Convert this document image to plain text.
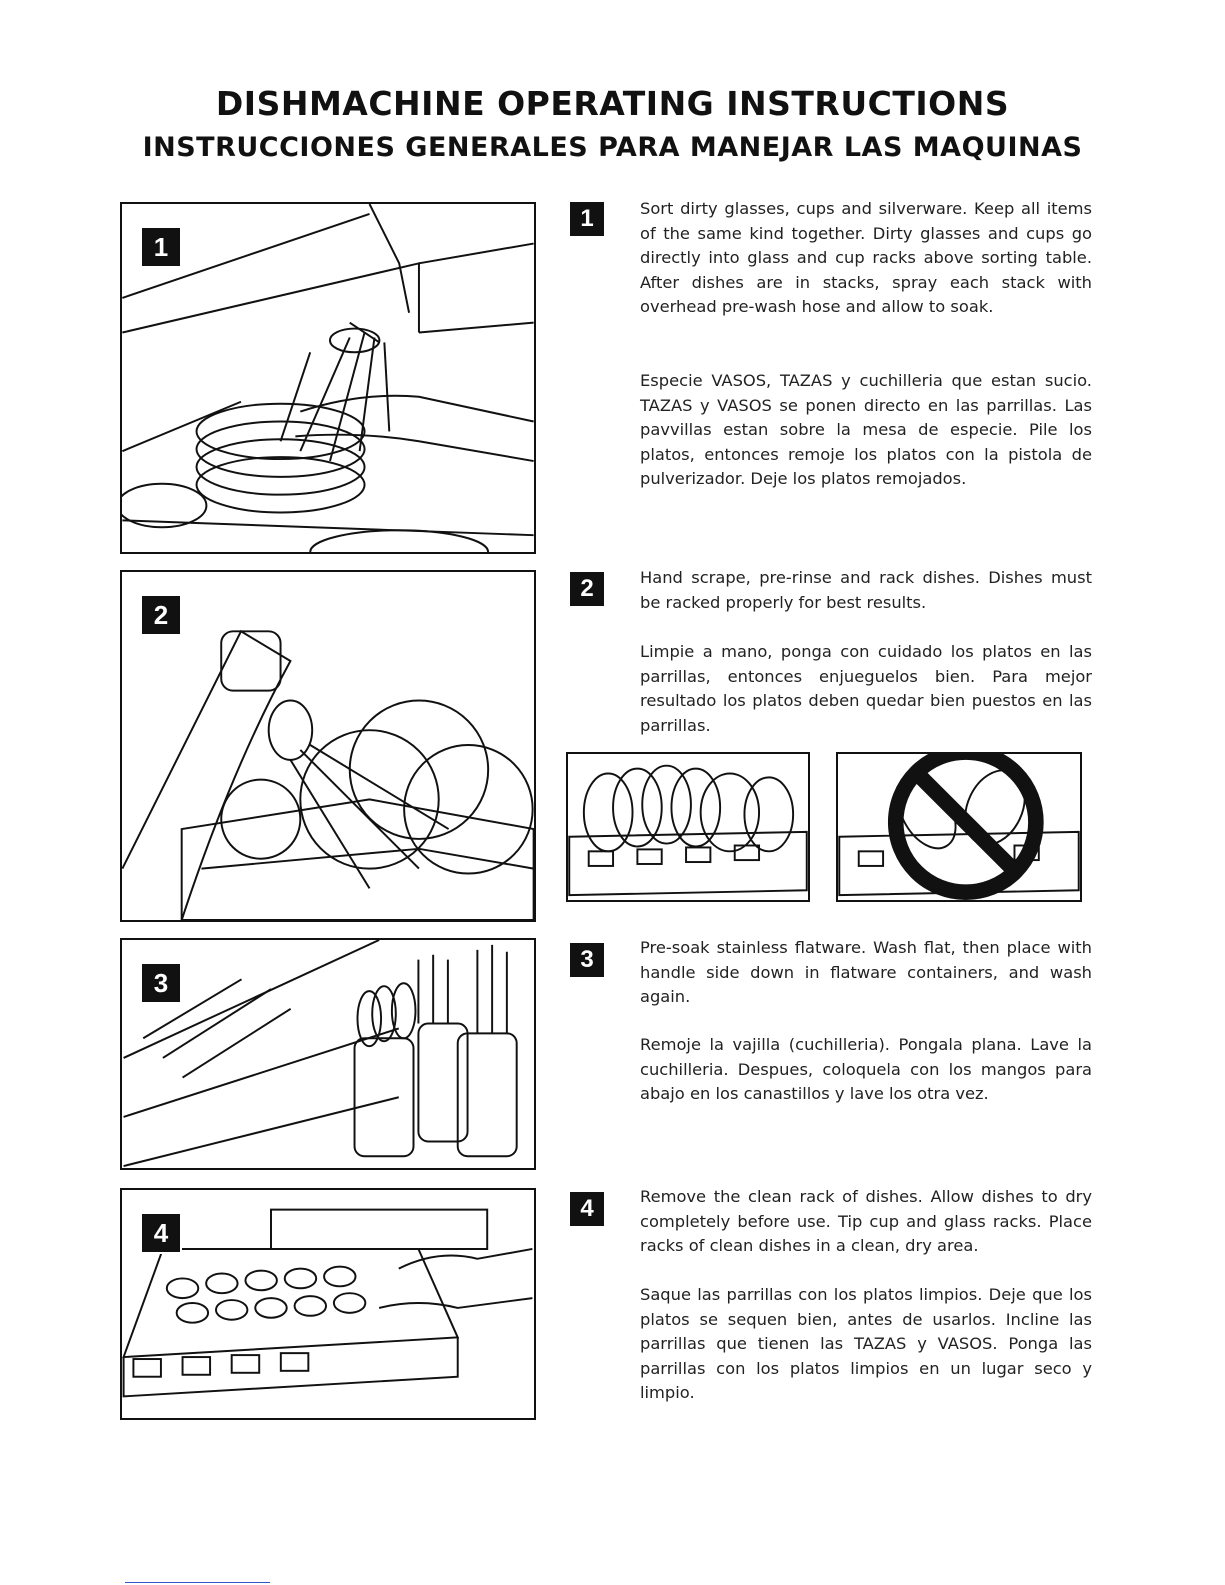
DISHMACHINE OPERATING INSTRUCTIONS
INSTRUCCIONES GENERALES PARA MANEJAR LAS MAQUINAS
1
2
3
4
1	Sort dirty glasses, cups and silverware. Keep all items of the same kind together. Dirty glasses and cups go directly into glass and cup racks above sorting table. After dishes are in stacks, spray each stack with overhead pre-wash hose and allow to soak.

Especie VASOS, TAZAS y cuchilleria que estan sucio. TAZAS y VASOS se ponen directo en las parrillas. Las pavvillas estan sobre la mesa de especie. Pile los platos, entonces remoje los platos con la pistola de pulverizador. Deje los platos remojados.

2	Hand scrape, pre-rinse and rack dishes. Dishes must be racked properly for best results.

Limpie a mano, ponga con cuidado los platos en las parrillas, entonces enjueguelos bien. Para mejor resultado los platos deben quedar bien puestos en las parrillas.

3	Pre-soak stainless flatware. Wash flat, then place with handle side down in flatware containers, and wash again.

Remoje la vajilla (cuchilleria). Pongala plana. Lave la cuchilleria. Despues, coloquela con los mangos para abajo en los canastillos y lave los otra vez.

4	Remove the clean rack of dishes. Allow dishes to dry completely before use. Tip cup and glass racks. Place racks of clean dishes in a clean, dry area.

Saque las parrillas con los platos limpios. Deje que los platos se sequen bien, antes de usarlos. Incline las parrillas que tienen las TAZAS y VASOS. Ponga las parrillas con los platos limpios en un lugar seco y limpio.
